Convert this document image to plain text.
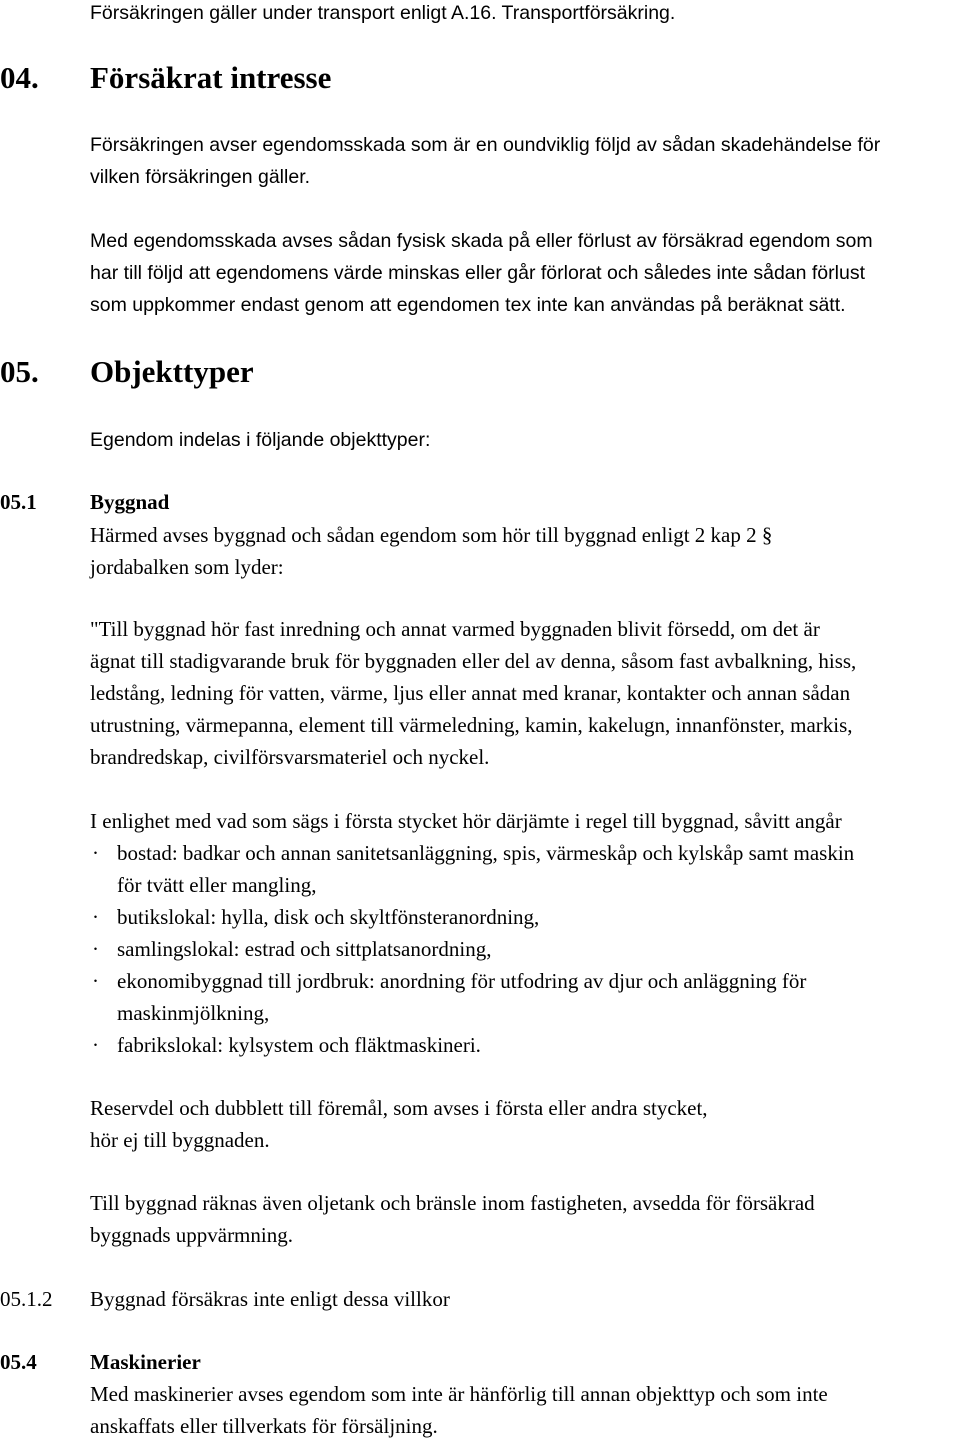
Försäkringen gäller under transport enligt A.16. Transportförsäkring.

04. Försäkrat intresse

Försäkringen avser egendomsskada som är en oundviklig följd av sådan skadehändelse för

vilken försäkringen gäller.

Med egendomsskada avses sådan fysisk skada på eller förlust av försäkrad egendom som

har till följd att egendomens värde minskas eller går förlorat och således inte sådan förlust

som uppkommer endast genom att egendomen tex inte kan användas på beräknat sätt.

05. Objekttyper

Egendom indelas i följande objekttyper:

05.1	Byggnad

Härmed avses byggnad och sådan egendom som hör till byggnad enligt 2 kap 2 §

jordabalken som lyder:

"Till byggnad hör fast inredning och annat varmed byggnaden blivit försedd, om det är

ägnat till stadigvarande bruk för byggnaden eller del av denna, såsom fast avbalkning, hiss,

ledstång, ledning för vatten, värme, ljus eller annat med kranar, kontakter och annan sådan

utrustning, värmepanna, element till värmeledning, kamin, kakelugn, innanfönster, markis,

brandredskap, civilförsvarsmateriel och nyckel.

I enlighet med vad som sägs i första stycket hör därjämte i regel till byggnad, såvitt angår

· bostad: badkar och annan sanitetsanläggning, spis, värmeskåp och kylskåp samt maskin

för tvätt eller mangling,

· butikslokal: hylla, disk och skyltfönsteranordning,

· samlingslokal: estrad och sittplatsanordning,

· ekonomibyggnad till jordbruk: anordning för utfodring av djur och anläggning för

maskinmjölkning,

· fabrikslokal: kylsystem och fläktmaskineri.

Reservdel och dubblett till föremål, som avses i första eller andra stycket,

hör ej till byggnaden.

Till byggnad räknas även oljetank och bränsle inom fastigheten, avsedda för försäkrad

byggnads uppvärmning.

05.1.2 Byggnad försäkras inte enligt dessa villkor

05.4	Maskinerier

Med maskinerier avses egendom som inte är hänförlig till annan objekttyp och som inte

anskaffats eller tillverkats för försäljning.
